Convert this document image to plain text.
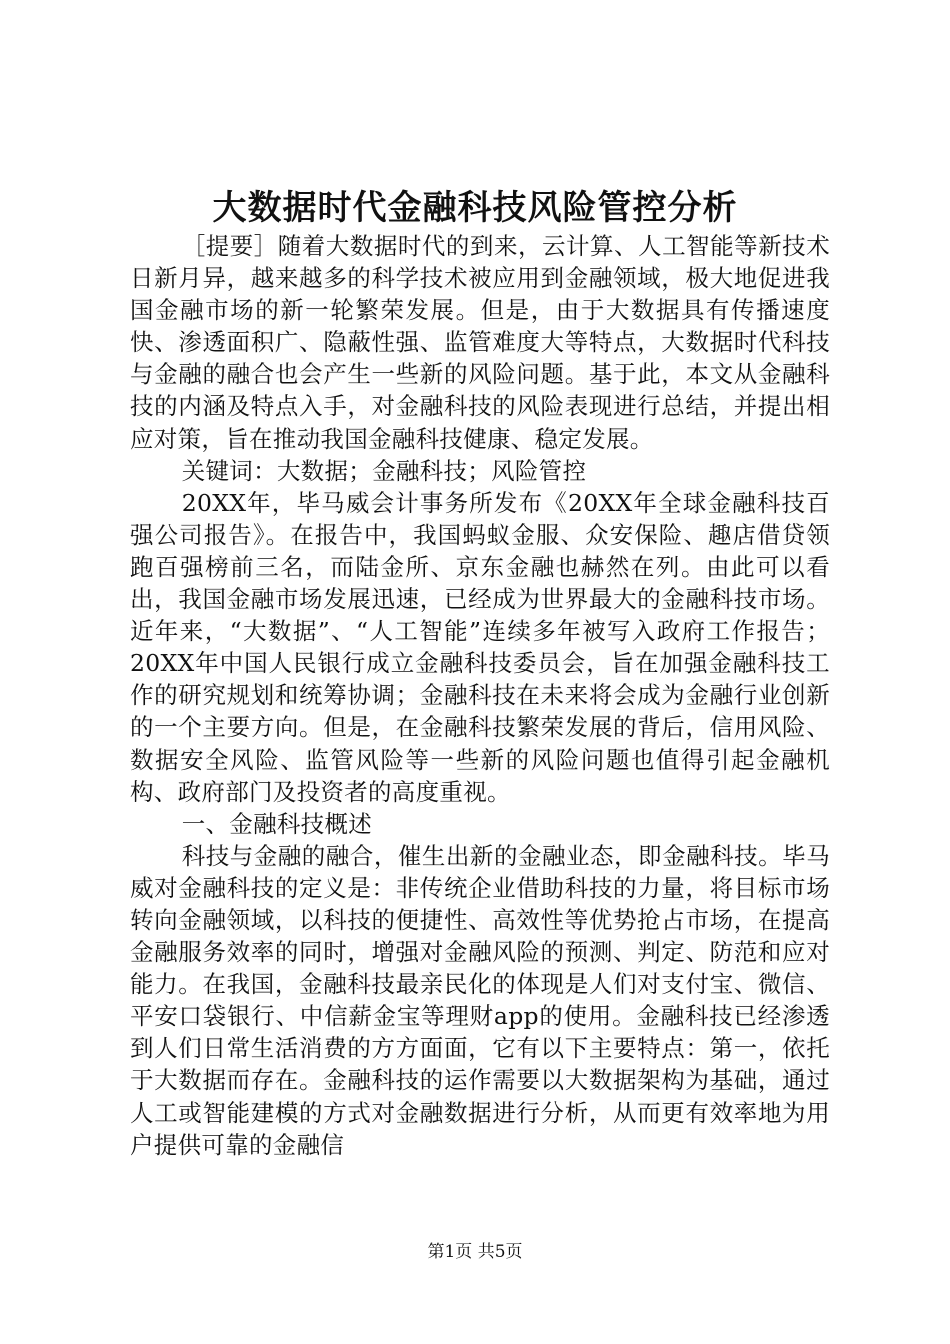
大数据时代金融科技风险管控分析

［提要］随着大数据时代的到来，云计算、人工智能等新技术日新月异，越来越多的科学技术被应用到金融领域，极大地促进我国金融市场的新一轮繁荣发展。但是，由于大数据具有传播速度快、渗透面积广、隐蔽性强、监管难度大等特点，大数据时代科技与金融的融合也会产生一些新的风险问题。基于此，本文从金融科技的内涵及特点入手，对金融科技的风险表现进行总结，并提出相应对策，旨在推动我国金融科技健康、稳定发展。

关键词：大数据；金融科技；风险管控

20XX年，毕马威会计事务所发布《20XX年全球金融科技百强公司报告》。在报告中，我国蚂蚁金服、众安保险、趣店借贷领跑百强榜前三名，而陆金所、京东金融也赫然在列。由此可以看出，我国金融市场发展迅速，已经成为世界最大的金融科技市场。近年来，“大数据”、“人工智能”连续多年被写入政府工作报告；20XX年中国人民银行成立金融科技委员会，旨在加强金融科技工作的研究规划和统筹协调；金融科技在未来将会成为金融行业创新的一个主要方向。但是，在金融科技繁荣发展的背后，信用风险、数据安全风险、监管风险等一些新的风险问题也值得引起金融机构、政府部门及投资者的高度重视。

一、金融科技概述

科技与金融的融合，催生出新的金融业态，即金融科技。毕马威对金融科技的定义是：非传统企业借助科技的力量，将目标市场转向金融领域，以科技的便捷性、高效性等优势抢占市场，在提高金融服务效率的同时，增强对金融风险的预测、判定、防范和应对能力。在我国，金融科技最亲民化的体现是人们对支付宝、微信、平安口袋银行、中信薪金宝等理财app的使用。金融科技已经渗透到人们日常生活消费的方方面面，它有以下主要特点：第一，依托于大数据而存在。金融科技的运作需要以大数据架构为基础，通过人工或智能建模的方式对金融数据进行分析，从而更有效率地为用户提供可靠的金融信

第1页 共5页
